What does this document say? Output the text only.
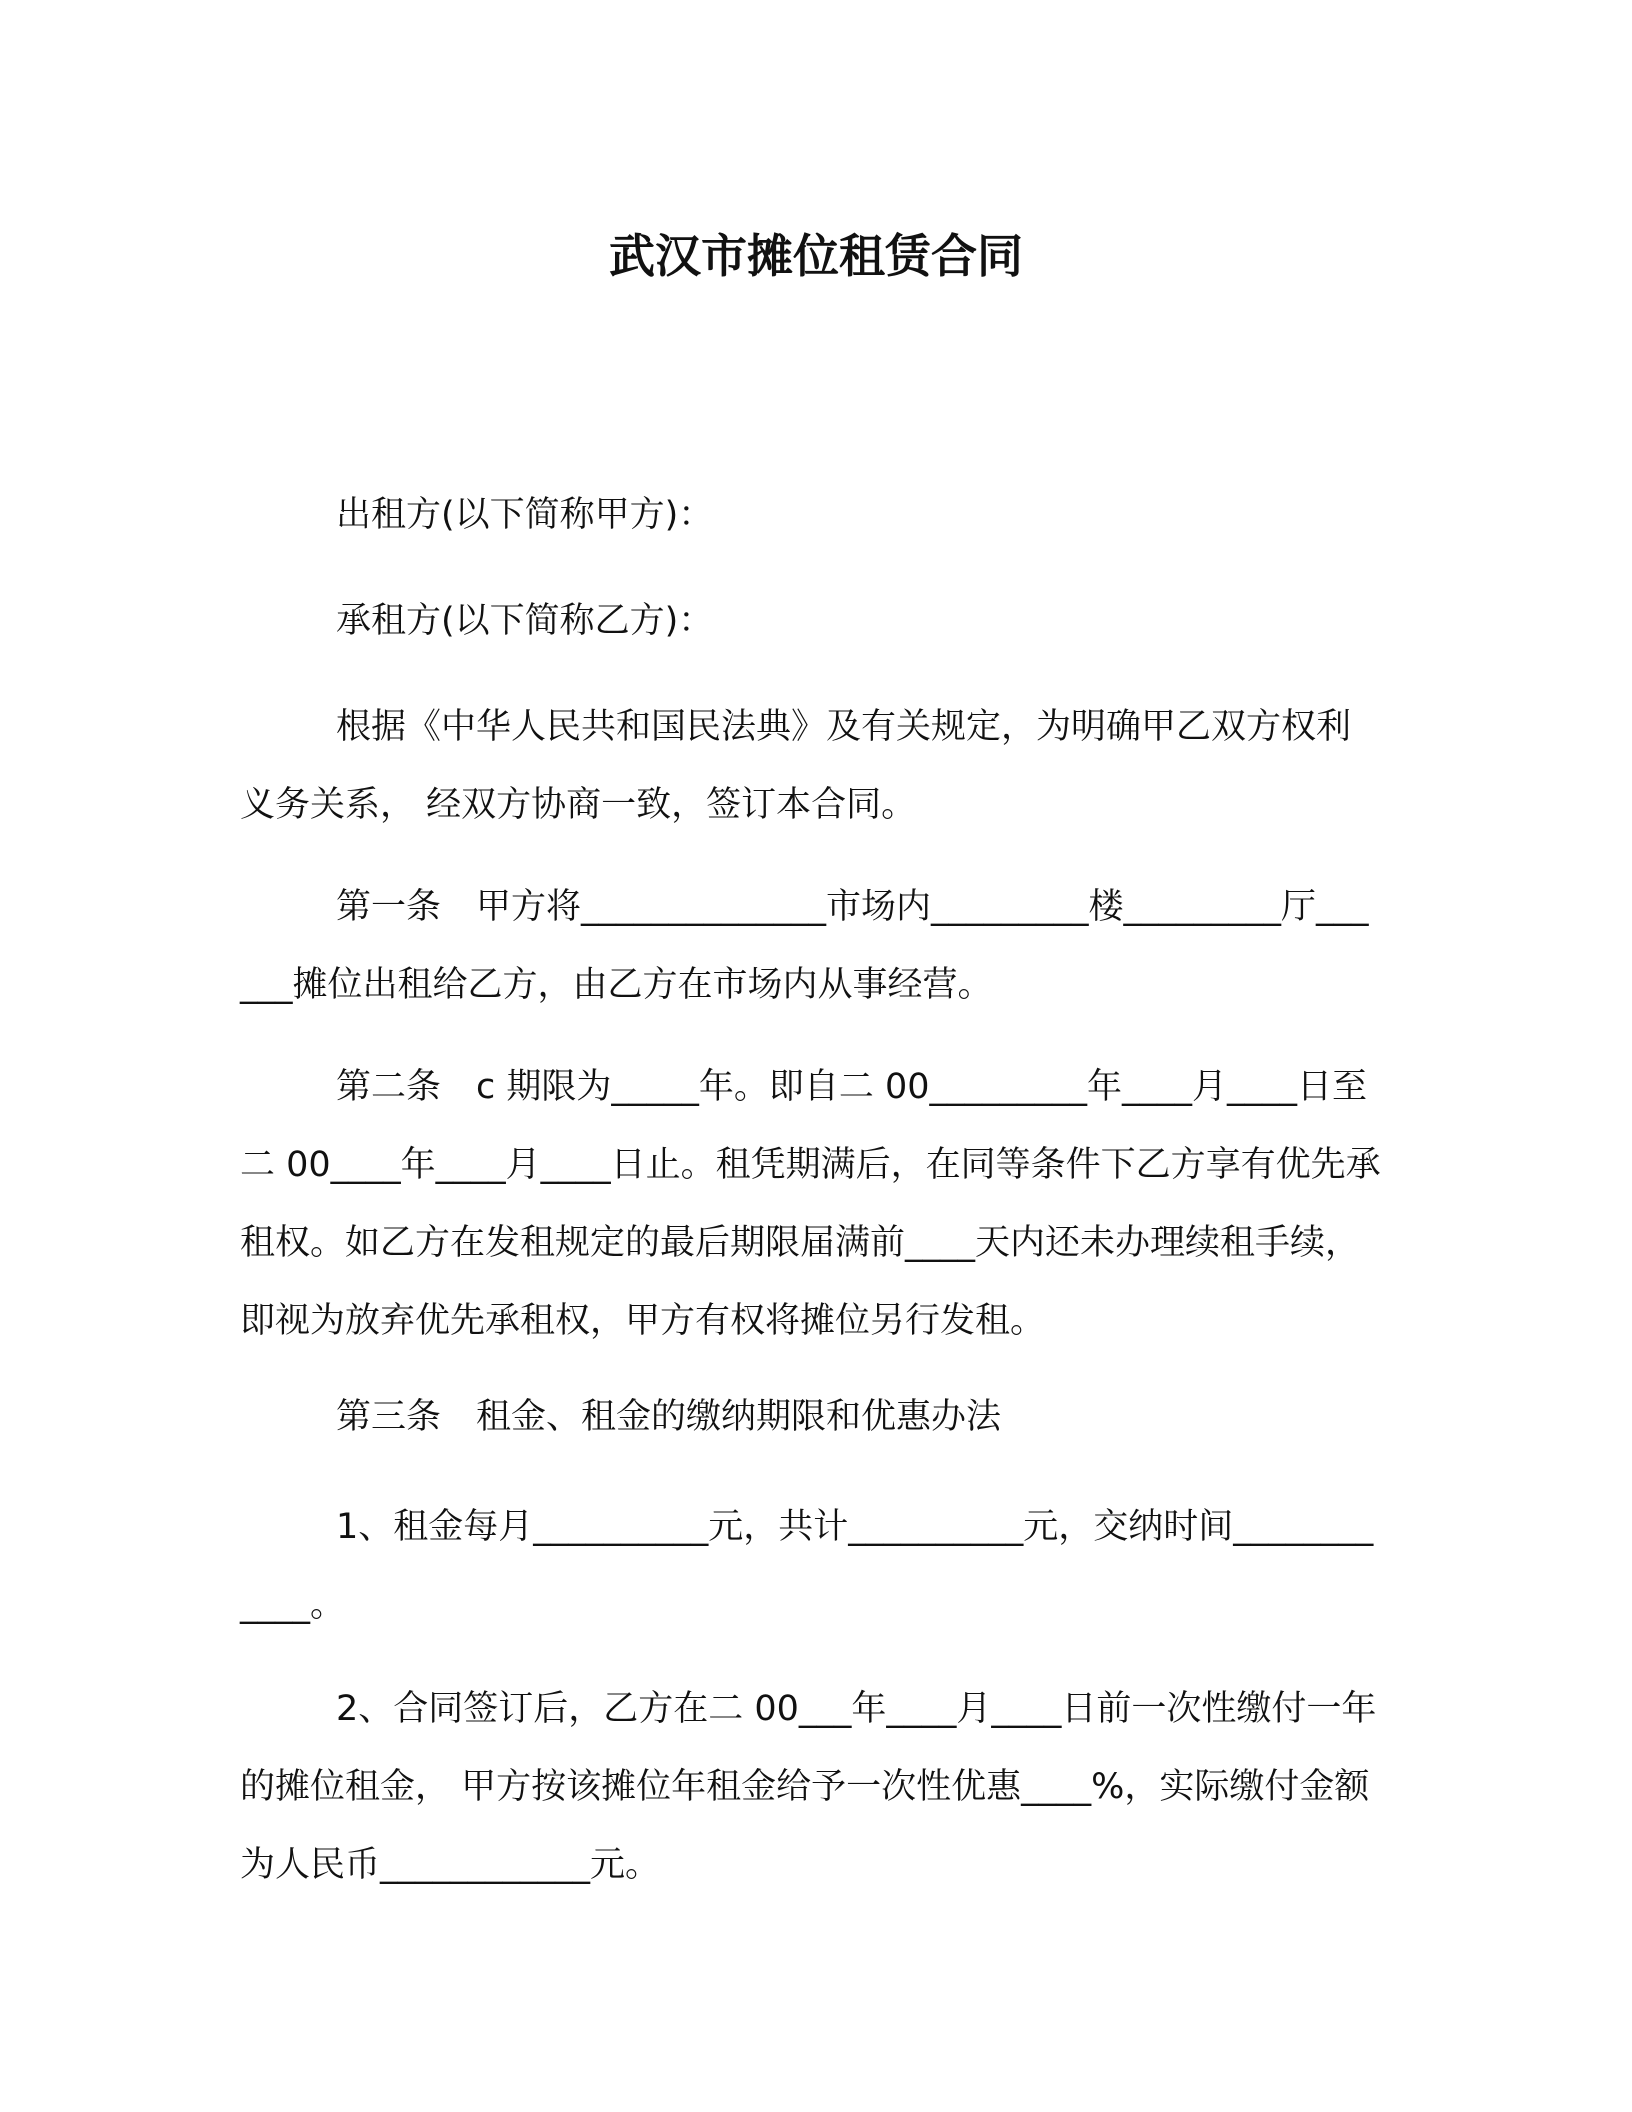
武汉市摊位租赁合同

出租方(以下简称甲方)：

承租方(以下简称乙方)：

根据《中华人民共和国民法典》及有关规定，为明确甲乙双方权利义务关系， 经双方协商一致，签订本合同。

第一条　甲方将______________市场内_________楼_________厅______摊位出租给乙方，由乙方在市场内从事经营。

第二条　c 期限为_____年。即自二 00_________年____月____日至二 00____年____月____日止。租凭期满后，在同等条件下乙方享有优先承租权。如乙方在发租规定的最后期限届满前____天内还未办理续租手续，即视为放弃优先承租权，甲方有权将摊位另行发租。

第三条　租金、租金的缴纳期限和优惠办法

1、租金每月__________元，共计__________元，交纳时间____________。

2、合同签订后，乙方在二 00___年____月____日前一次性缴付一年的摊位租金， 甲方按该摊位年租金给予一次性优惠____%，实际缴付金额为人民币____________元。
